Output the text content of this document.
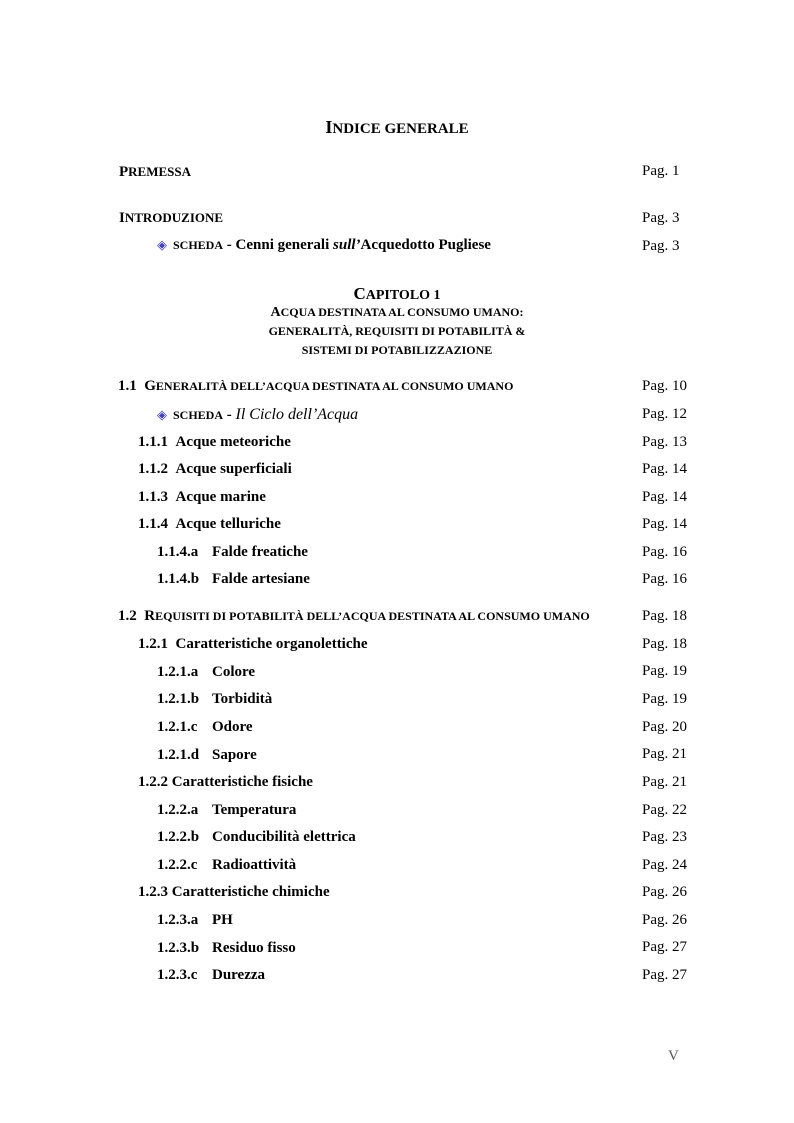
INDICE GENERALE
PREMESSA	Pag. 1
INTRODUZIONE	Pag. 3
◈ SCHEDA - Cenni generali sull’Acquedotto Pugliese	Pag. 3
CAPITOLO 1
ACQUA DESTINATA AL CONSUMO UMANO:
GENERALITÀ, REQUISITI DI POTABILITÀ &
SISTEMI DI POTABILIZZAZIONE
1.1 GENERALITÀ DELL’ACQUA DESTINATA AL CONSUMO UMANO	Pag. 10
◈ SCHEDA - Il Ciclo dell’Acqua	Pag. 12
1.1.1 Acque meteoriche	Pag. 13
1.1.2 Acque superficiali	Pag. 14
1.1.3 Acque marine	Pag. 14
1.1.4 Acque telluriche	Pag. 14
1.1.4.a Falde freatiche	Pag. 16
1.1.4.b Falde artesiane	Pag. 16
1.2 REQUISITI DI POTABILITÀ DELL’ACQUA DESTINATA AL CONSUMO UMANO	Pag. 18
1.2.1 Caratteristiche organolettiche	Pag. 18
1.2.1.a Colore	Pag. 19
1.2.1.b Torbidità	Pag. 19
1.2.1.c Odore	Pag. 20
1.2.1.d Sapore	Pag. 21
1.2.2 Caratteristiche fisiche	Pag. 21
1.2.2.a Temperatura	Pag. 22
1.2.2.b Conducibilità elettrica	Pag. 23
1.2.2.c Radioattività	Pag. 24
1.2.3 Caratteristiche chimiche	Pag. 26
1.2.3.a PH	Pag. 26
1.2.3.b Residuo fisso	Pag. 27
1.2.3.c Durezza	Pag. 27
V
